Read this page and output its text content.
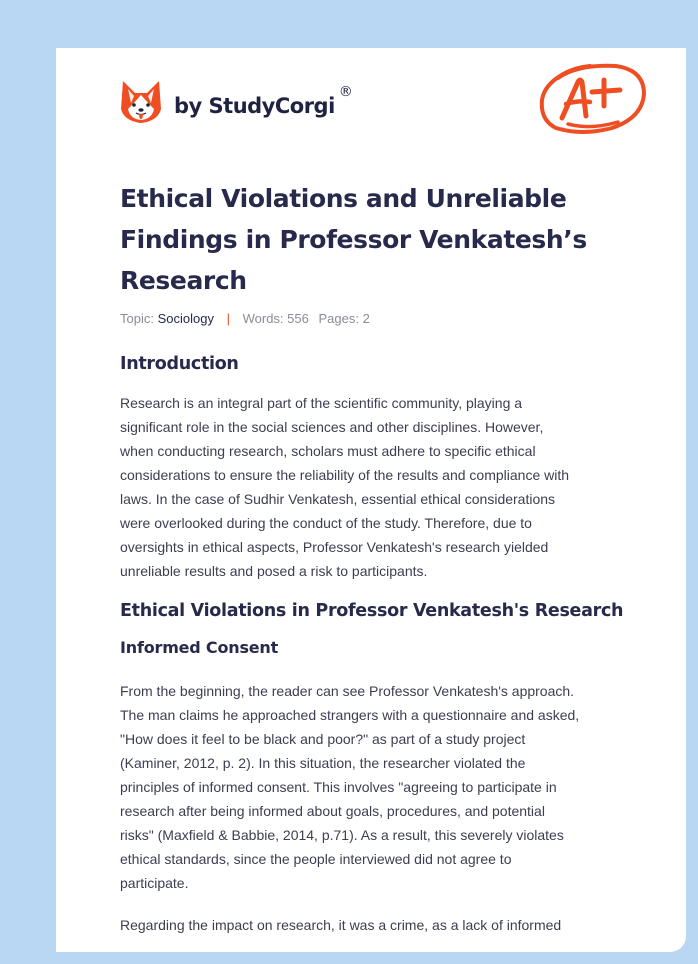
by StudyCorgi
®
Ethical Violations and Unreliable Findings in Professor Venkatesh’s Research
Topic: Sociology | Words: 556 Pages: 2
Introduction

Research is an integral part of the scientific community, playing a
significant role in the social sciences and other disciplines. However,
when conducting research, scholars must adhere to specific ethical
considerations to ensure the reliability of the results and compliance with
laws. In the case of Sudhir Venkatesh, essential ethical considerations
were overlooked during the conduct of the study. Therefore, due to
oversights in ethical aspects, Professor Venkatesh's research yielded
unreliable results and posed a risk to participants.

Ethical Violations in Professor Venkatesh's Research
Informed Consent

From the beginning, the reader can see Professor Venkatesh's approach.
The man claims he approached strangers with a questionnaire and asked,
"How does it feel to be black and poor?" as part of a study project
(Kaminer, 2012, p. 2). In this situation, the researcher violated the
principles of informed consent. This involves "agreeing to participate in
research after being informed about goals, procedures, and potential
risks" (Maxfield & Babbie, 2014, p.71). As a result, this severely violates
ethical standards, since the people interviewed did not agree to
participate.

Regarding the impact on research, it was a crime, as a lack of informed
